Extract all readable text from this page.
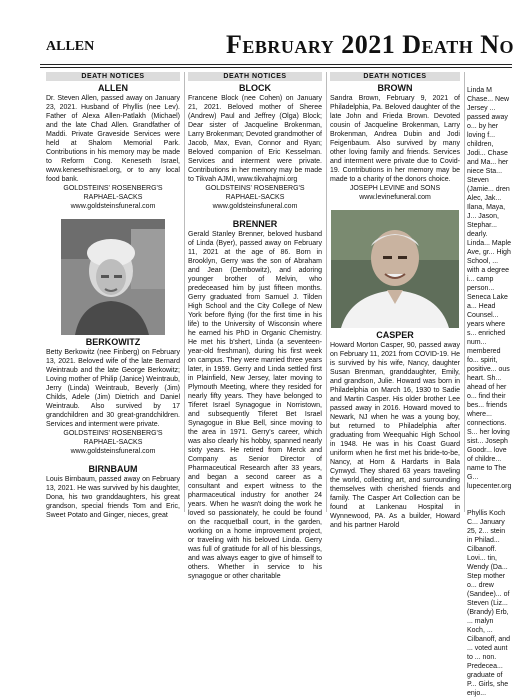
ALLEN	February 2021 Death No
DEATH NOTICES
ALLEN
Dr. Steven Allen, passed away on January 23, 2021. Husband of Phyllis (nee Lev). Father of Alexa Allen-Patlakh (Michael) and the late Chad Allen. Grandfather of Maddi. Private Graveside Services were held at Shalom Memorial Park. Contributions in his memory may be made to Reform Cong. Keneseth Israel, www.kenesethisrael.org, or to any local food bank.
GOLDSTEINS' ROSENBERG'S
RAPHAEL-SACKS
www.goldsteinsfuneral.com
BERKOWITZ
Betty Berkowitz (nee Finberg) on February 13, 2021. Beloved wife of the late Bernard Weintraub and the late George Berkowitz; Loving mother of Philip (Janice) Weintraub, Jerry (Linda) Weintraub, Beverly (Jim) Childs, Adele (Jim) Dietrich and Daniel Weintraub. Also survived by 17 grandchildren and 30 great-grandchildren. Services and interment were private.
GOLDSTEINS' ROSENBERG'S
RAPHAEL-SACKS
www.goldsteinsfuneral.com
BIRNBAUM
Louis Birnbaum, passed away on February 13, 2021. He was survived by his daughter, Dona, his two granddaughters, his great grandson, special friends Tom and Eric, Sweet Potato and Ginger, nieces, great
DEATH NOTICES
BLOCK
Francene Block (nee Cohen) on January 21, 2021. Beloved mother of Sheree (Andrew) Paul and Jeffrey (Olga) Block; Dear sister of Jacqueline Brokenman, Larry Brokenman; Devoted grandmother of Jacob, Max, Evan, Connor and Ryan; Beloved companion of Eric Kesselman. Services and interment were private. Contributions in her memory may be made to Tikvah AJMI, www.tikvahajmi.org
GOLDSTEINS' ROSENBERG'S
RAPHAEL-SACKS
www.goldsteinsfuneral.com
BRENNER
Gerald Stanley Brenner, beloved husband of Linda (Byer), passed away on February 11, 2021 at the age of 86. Born in Brooklyn, Gerry was the son of Abraham and Jean (Dembowitz), and adoring younger brother of Melvin, who predeceased him by just fifteen months. Gerry graduated from Samuel J. Tilden High School and the City College of New York before flying (for the first time in his life) to the University of Wisconsin where he earned his PhD in Organic Chemistry. He met his b'shert, Linda (a seventeen-year-old freshman), during his first week on campus. They were married three years later, in 1959. Gerry and Linda settled first in Plainfield, New Jersey, later moving to Plymouth Meeting, where they resided for nearly fifty years. They have belonged to Tiferet Israel Synagogue in Norristown, and subsequently Tiferet Bet Israel Synagogue in Blue Bell, since moving to the area in 1971. Gerry's career, which was also clearly his hobby, spanned nearly sixty years. He retired from Merck and Company as Senior Director of Pharmaceutical Research after 33 years, and began a second career as a consultant and expert witness to the pharmaceutical industry for another 24 years. When he wasn't doing the work he loved so passionately, he could be found on the racquetball court, in the garden, working on a home improvement project, or traveling with his beloved Linda. Gerry was full of gratitude for all of his blessings, and was always eager to give of himself to others. Whether in service to his synagogue or other charitable
DEATH NOTICES
BROWN
Sandra Brown, February 9, 2021 of Philadelphia, Pa. Beloved daughter of the late John and Frieda Brown. Devoted cousin of Jacqueline Brokenman, Larry Brokenman, Andrea Dubin and Jodi Feigenbaum. Also survived by many other loving family and friends. Services and interment were private due to Covid-19. Contributions in her memory may be made to a charity of the donors choice.
JOSEPH LEVINE and SONS
www.levinefuneral.com
CASPER
Howard Morton Casper, 90, passed away on February 11, 2021 from COVID-19. He is survived by his wife, Nancy, daughter Susan Brenman, granddaughter, Emily, and grandson, Julie. Howard was born in Philadelphia on March 16, 1930 to Sadie and Martin Casper. His older brother Lee passed away in 2016. Howard moved to Newark, NJ when he was a young boy, but returned to Philadelphia after graduating from Weequahic High School in 1948. He was in his Coast Guard uniform when he first met his bride-to-be, Nancy, at Horn & Hardarts in Bala Cynwyd. They shared 63 years traveling the world, collecting art, and surrounding themselves with cherished friends and family. The Casper Art Collection can be found at Lankenau Hospital in Wynnewood, PA. As a builder, Howard and his partner Harold
Linda M Chase... New Jersey ... passed away o... by her loving f... children, Jodi... Chase and Ma... her niece Sta... Steven (Jamie... dren Alec, Jak... Ilana, Maya, J... Jason, Stephar... dearly. Linda... Maple Ave, gr... High School, ... with a degree i... camp person... Seneca Lake a... Head Counsel... years where s... enriched num... membered fo... spirit, positive... ous heart. Sh... ahead of her o... find their bes... friends where... connections. S... her loving sist... Joseph Goodr... love of childre... name to The G... lupecenter.org
Phyllis Koch C... January 25, 2... stein in Philad... Cilbanoff. Lovi... tin, Wendy (Da... Step mother o... drew (Sandee)... of Steven (Liz... (Brandy) Erb, ... malyn Koch, ... Cilbanoff, and ... voted aunt to ... non. Predecea... graduate of P... Girls, she enjo...
